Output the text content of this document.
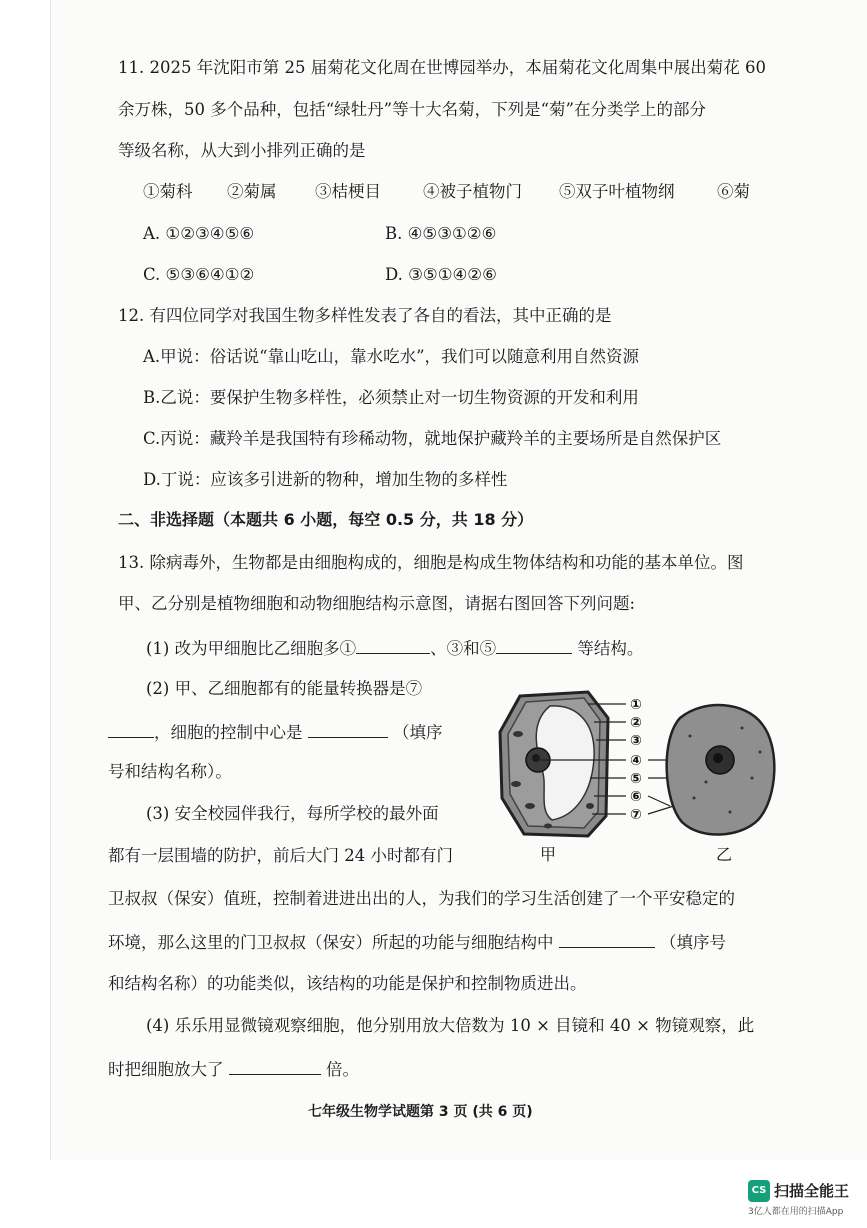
11. 2025 年沈阳市第 25 届菊花文化周在世博园举办，本届菊花文化周集中展出菊花 60
余万株，50 多个品种，包括“绿牡丹”等十大名菊，下列是“菊”在分类学上的部分
等级名称，从大到小排列正确的是
①菊科 ②菊属 ③桔梗目	④被子植物门 ⑤双子叶植物纲	⑥菊
A. ①②③④⑤⑥	B. ④⑤③①②⑥
C. ⑤③⑥④①②	D. ③⑤①④②⑥
12. 有四位同学对我国生物多样性发表了各自的看法，其中正确的是
A.甲说：俗话说“靠山吃山，靠水吃水”，我们可以随意利用自然资源
B.乙说：要保护生物多样性，必须禁止对一切生物资源的开发和利用
C.丙说：藏羚羊是我国特有珍稀动物，就地保护藏羚羊的主要场所是自然保护区
D.丁说：应该多引进新的物种，增加生物的多样性
二、非选择题（本题共 6 小题，每空 0.5 分，共 18 分）
13. 除病毒外，生物都是由细胞构成的，细胞是构成生物体结构和功能的基本单位。图
甲、乙分别是植物细胞和动物细胞结构示意图，请据右图回答下列问题:
(1) 改为甲细胞比乙细胞多①	、③和⑤	等结构。
(2) 甲、乙细胞都有的能量转换器是⑦
，细胞的控制中心是	（填序
号和结构名称）。
(3) 安全校园伴我行，每所学校的最外面
都有一层围墙的防护，前后大门 24 小时都有门
卫叔叔（保安）值班，控制着进进出出的人，为我们的学习生活创建了一个平安稳定的
环境，那么这里的门卫叔叔（保安）所起的功能与细胞结构中	（填序号
和结构名称）的功能类似，该结构的功能是保护和控制物质进出。
(4) 乐乐用显微镜观察细胞，他分别用放大倍数为 10 × 目镜和 40 × 物镜观察，此
时把细胞放大了	倍。
七年级生物学试题第 3 页 (共 6 页)
①
②
③
④
⑤
⑥
⑦
甲	乙
CS 扫描全能王
3亿人都在用的扫描App
